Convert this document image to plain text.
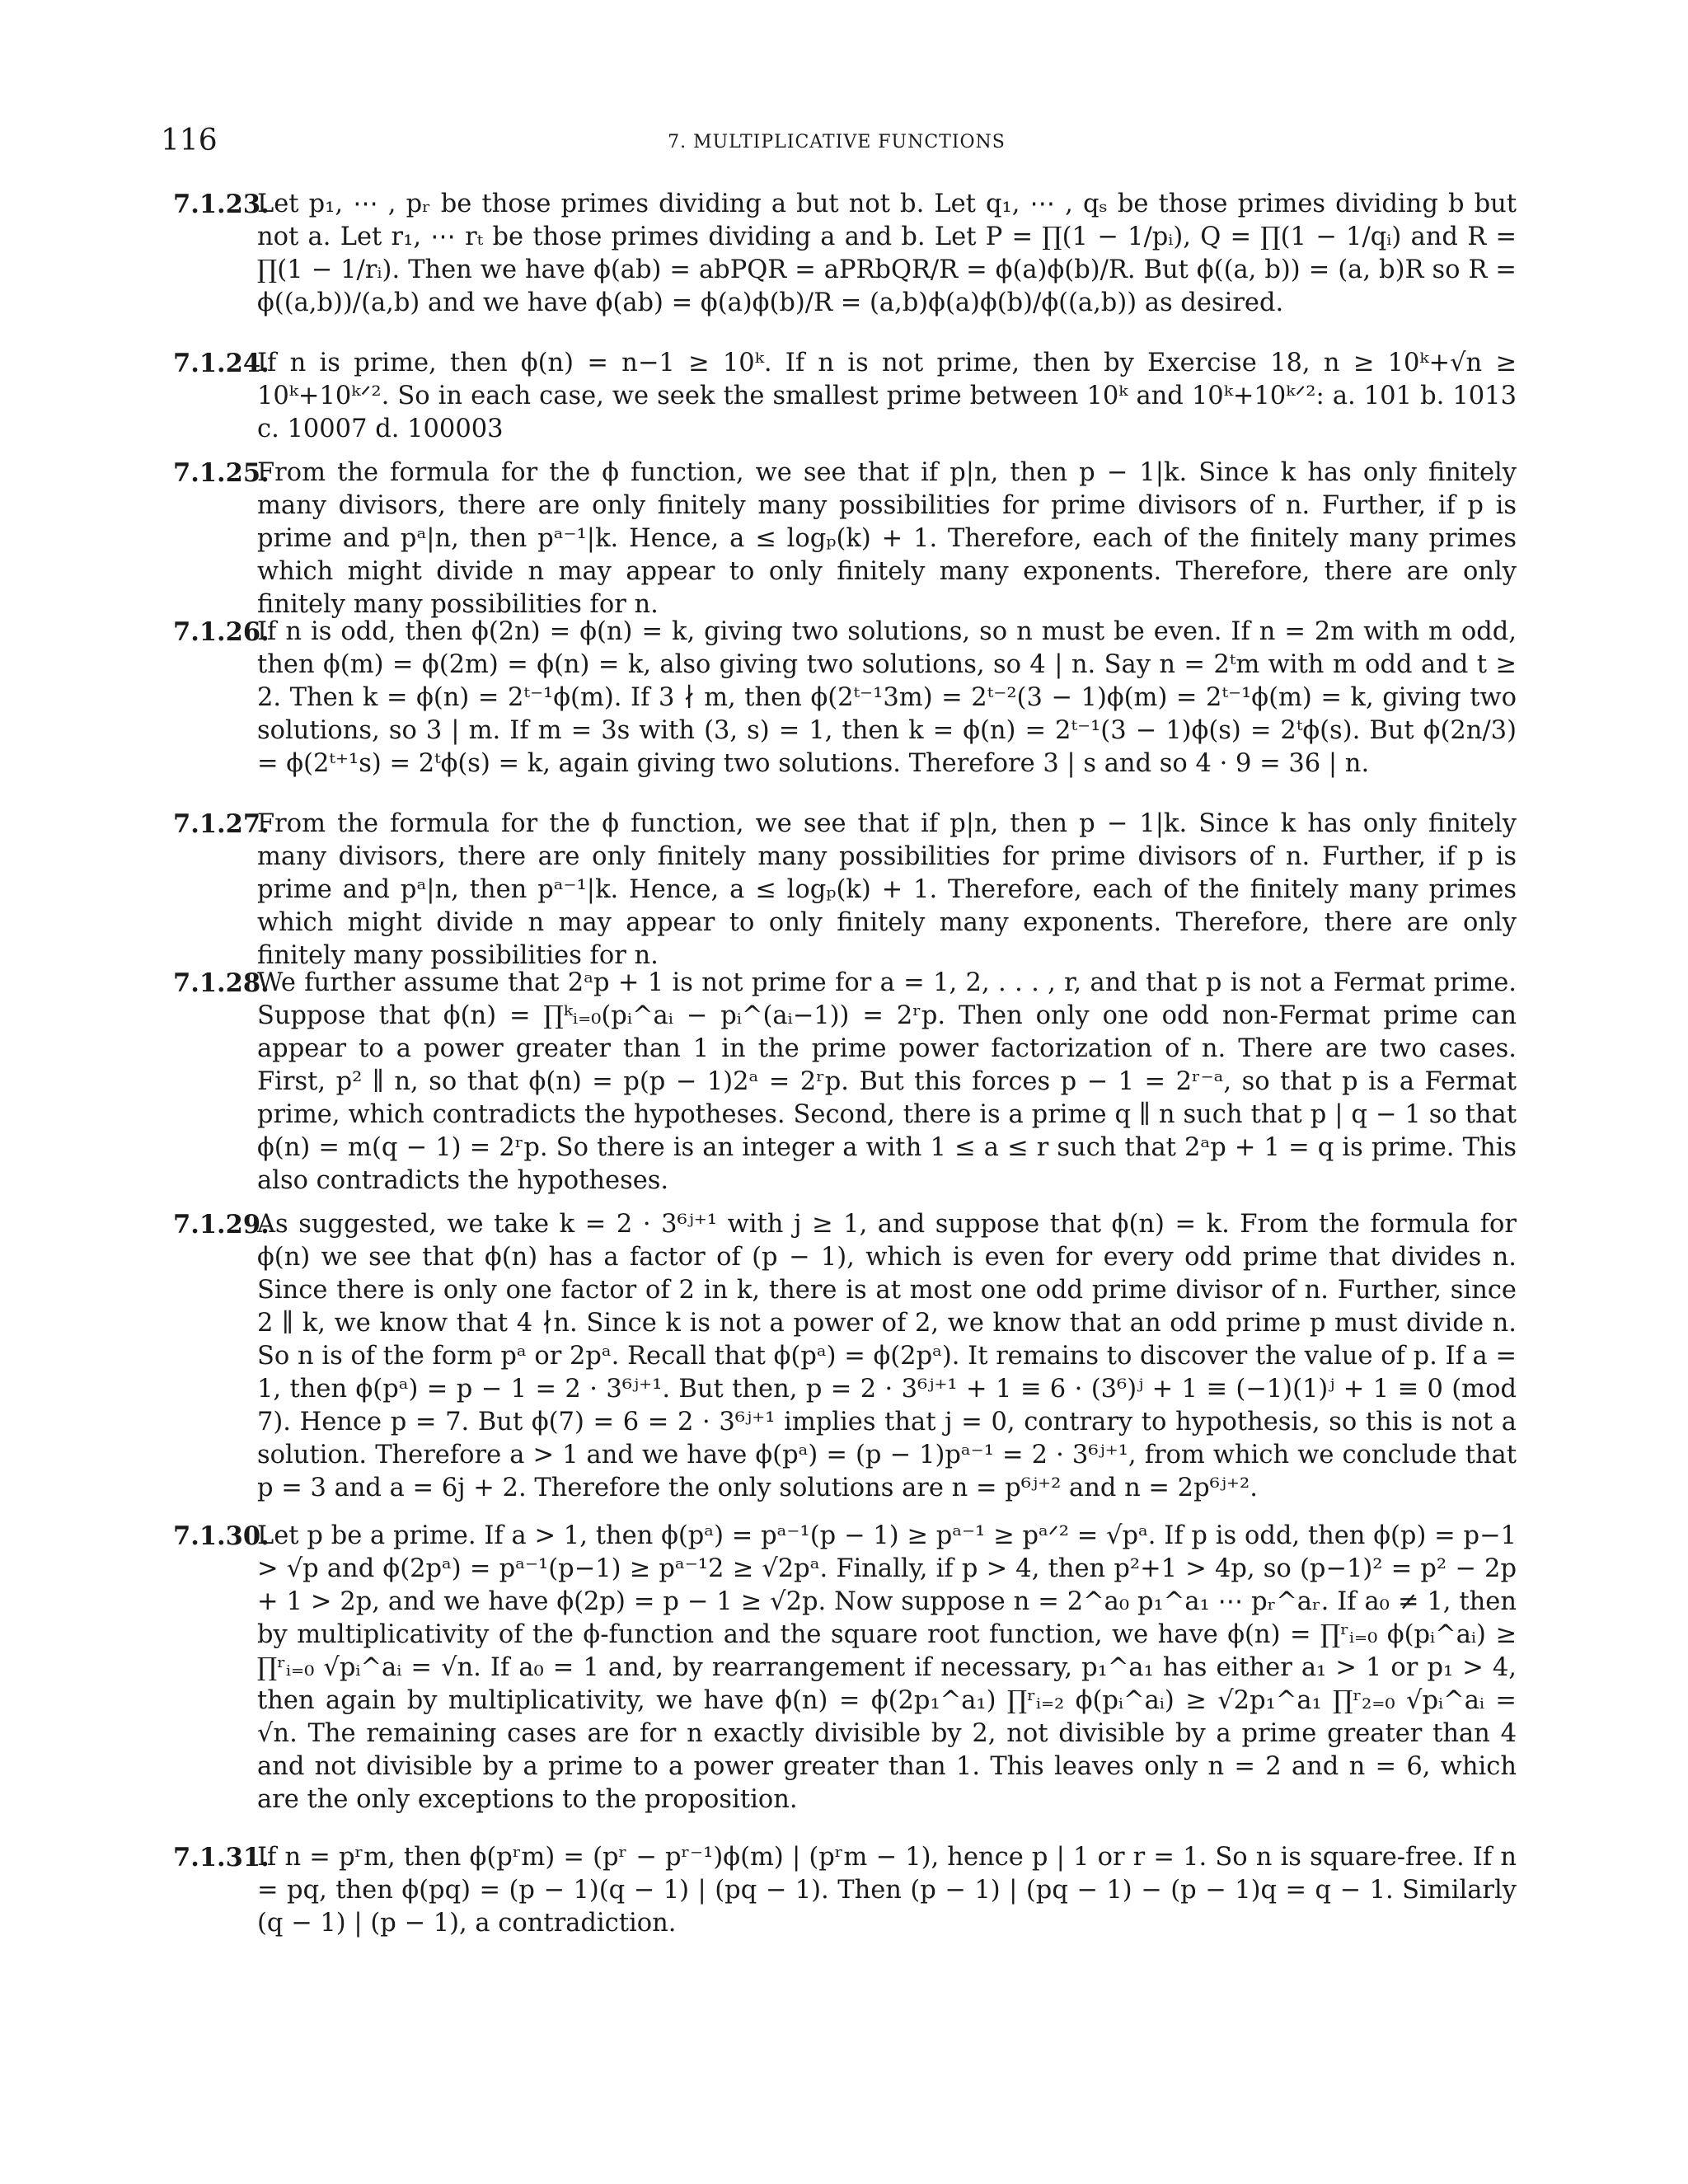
116	7. MULTIPLICATIVE FUNCTIONS
7.1.23.
Let p₁, ⋯ , pᵣ be those primes dividing a but not b. Let q₁, ⋯ , qₛ be those primes dividing b but not a. Let r₁, ⋯ rₜ be those primes dividing a and b. Let P = ∏(1 − 1/pᵢ), Q = ∏(1 − 1/qᵢ) and R = ∏(1 − 1/rᵢ). Then we have ϕ(ab) = abPQR = aPRbQR/R = ϕ(a)ϕ(b)/R. But ϕ((a, b)) = (a, b)R so R = ϕ((a,b))/(a,b) and we have ϕ(ab) = ϕ(a)ϕ(b)/R = (a,b)ϕ(a)ϕ(b)/ϕ((a,b)) as desired.
7.1.24.
If n is prime, then ϕ(n) = n−1 ≥ 10ᵏ. If n is not prime, then by Exercise 18, n ≥ 10ᵏ+√n ≥ 10ᵏ+10ᵏᐟ². So in each case, we seek the smallest prime between 10ᵏ and 10ᵏ+10ᵏᐟ²: a. 101 b. 1013 c. 10007 d. 100003
7.1.25.
From the formula for the ϕ function, we see that if p|n, then p − 1|k. Since k has only finitely many divisors, there are only finitely many possibilities for prime divisors of n. Further, if p is prime and pᵃ|n, then pᵃ⁻¹|k. Hence, a ≤ logₚ(k) + 1. Therefore, each of the finitely many primes which might divide n may appear to only finitely many exponents. Therefore, there are only finitely many possibilities for n.
7.1.26.
If n is odd, then ϕ(2n) = ϕ(n) = k, giving two solutions, so n must be even. If n = 2m with m odd, then ϕ(m) = ϕ(2m) = ϕ(n) = k, also giving two solutions, so 4 | n. Say n = 2ᵗm with m odd and t ≥ 2. Then k = ϕ(n) = 2ᵗ⁻¹ϕ(m). If 3 ∤ m, then ϕ(2ᵗ⁻¹3m) = 2ᵗ⁻²(3 − 1)ϕ(m) = 2ᵗ⁻¹ϕ(m) = k, giving two solutions, so 3 | m. If m = 3s with (3, s) = 1, then k = ϕ(n) = 2ᵗ⁻¹(3 − 1)ϕ(s) = 2ᵗϕ(s). But ϕ(2n/3) = ϕ(2ᵗ⁺¹s) = 2ᵗϕ(s) = k, again giving two solutions. Therefore 3 | s and so 4 · 9 = 36 | n.
7.1.27.
From the formula for the ϕ function, we see that if p|n, then p − 1|k. Since k has only finitely many divisors, there are only finitely many possibilities for prime divisors of n. Further, if p is prime and pᵃ|n, then pᵃ⁻¹|k. Hence, a ≤ logₚ(k) + 1. Therefore, each of the finitely many primes which might divide n may appear to only finitely many exponents. Therefore, there are only finitely many possibilities for n.
7.1.28.
We further assume that 2ᵃp + 1 is not prime for a = 1, 2, . . . , r, and that p is not a Fermat prime. Suppose that ϕ(n) = ∏ᵏᵢ₌₀(pᵢ^aᵢ − pᵢ^(aᵢ−1)) = 2ʳp. Then only one odd non-Fermat prime can appear to a power greater than 1 in the prime power factorization of n. There are two cases. First, p² ∥ n, so that ϕ(n) = p(p − 1)2ᵃ = 2ʳp. But this forces p − 1 = 2ʳ⁻ᵃ, so that p is a Fermat prime, which contradicts the hypotheses. Second, there is a prime q ∥ n such that p | q − 1 so that ϕ(n) = m(q − 1) = 2ʳp. So there is an integer a with 1 ≤ a ≤ r such that 2ᵃp + 1 = q is prime. This also contradicts the hypotheses.
7.1.29.
As suggested, we take k = 2 · 3⁶ʲ⁺¹ with j ≥ 1, and suppose that ϕ(n) = k. From the formula for ϕ(n) we see that ϕ(n) has a factor of (p − 1), which is even for every odd prime that divides n. Since there is only one factor of 2 in k, there is at most one odd prime divisor of n. Further, since 2 ∥ k, we know that 4 ∤n. Since k is not a power of 2, we know that an odd prime p must divide n. So n is of the form pᵃ or 2pᵃ. Recall that ϕ(pᵃ) = ϕ(2pᵃ). It remains to discover the value of p. If a = 1, then ϕ(pᵃ) = p − 1 = 2 · 3⁶ʲ⁺¹. But then, p = 2 · 3⁶ʲ⁺¹ + 1 ≡ 6 · (3⁶)ʲ + 1 ≡ (−1)(1)ʲ + 1 ≡ 0 (mod 7). Hence p = 7. But ϕ(7) = 6 = 2 · 3⁶ʲ⁺¹ implies that j = 0, contrary to hypothesis, so this is not a solution. Therefore a > 1 and we have ϕ(pᵃ) = (p − 1)pᵃ⁻¹ = 2 · 3⁶ʲ⁺¹, from which we conclude that p = 3 and a = 6j + 2. Therefore the only solutions are n = p⁶ʲ⁺² and n = 2p⁶ʲ⁺².
7.1.30.
Let p be a prime. If a > 1, then ϕ(pᵃ) = pᵃ⁻¹(p − 1) ≥ pᵃ⁻¹ ≥ pᵃᐟ² = √pᵃ. If p is odd, then ϕ(p) = p−1 > √p and ϕ(2pᵃ) = pᵃ⁻¹(p−1) ≥ pᵃ⁻¹2 ≥ √2pᵃ. Finally, if p > 4, then p²+1 > 4p, so (p−1)² = p² − 2p + 1 > 2p, and we have ϕ(2p) = p − 1 ≥ √2p. Now suppose n = 2^a₀ p₁^a₁ ⋯ pᵣ^aᵣ. If a₀ ≠ 1, then by multiplicativity of the ϕ-function and the square root function, we have ϕ(n) = ∏ʳᵢ₌₀ ϕ(pᵢ^aᵢ) ≥ ∏ʳᵢ₌₀ √pᵢ^aᵢ = √n. If a₀ = 1 and, by rearrangement if necessary, p₁^a₁ has either a₁ > 1 or p₁ > 4, then again by multiplicativity, we have ϕ(n) = ϕ(2p₁^a₁) ∏ʳᵢ₌₂ ϕ(pᵢ^aᵢ) ≥ √2p₁^a₁ ∏ʳ₂₌₀ √pᵢ^aᵢ = √n. The remaining cases are for n exactly divisible by 2, not divisible by a prime greater than 4 and not divisible by a prime to a power greater than 1. This leaves only n = 2 and n = 6, which are the only exceptions to the proposition.
7.1.31.
If n = pʳm, then ϕ(pʳm) = (pʳ − pʳ⁻¹)ϕ(m) | (pʳm − 1), hence p | 1 or r = 1. So n is square-free. If n = pq, then ϕ(pq) = (p − 1)(q − 1) | (pq − 1). Then (p − 1) | (pq − 1) − (p − 1)q = q − 1. Similarly (q − 1) | (p − 1), a contradiction.
